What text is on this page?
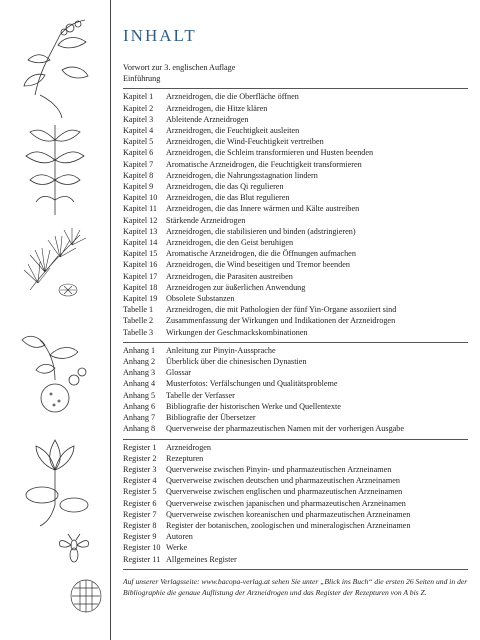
INHALT
Vorwort zur 3. englischen Auflage
Einführung
Kapitel 1	Arzneidrogen, die die Oberfläche öffnen
Kapitel 2	Arzneidrogen, die Hitze klären
Kapitel 3	Ableitende Arzneidrogen
Kapitel 4	Arzneidrogen, die Feuchtigkeit ausleiten
Kapitel 5	Arzneidrogen, die Wind-Feuchtigkeit vertreiben
Kapitel 6	Arzneidrogen, die Schleim transformieren und Husten beenden
Kapitel 7	Aromatische Arzneidrogen, die Feuchtigkeit transformieren
Kapitel 8	Arzneidrogen, die Nahrungsstagnation lindern
Kapitel 9	Arzneidrogen, die das Qi regulieren
Kapitel 10	Arzneidrogen, die das Blut regulieren
Kapitel 11	Arzneidrogen, die das Innere wärmen und Kälte austreiben
Kapitel 12	Stärkende Arzneidrogen
Kapitel 13	Arzneidrogen, die stabilisieren und binden (adstringieren)
Kapitel 14	Arzneidrogen, die den Geist beruhigen
Kapitel 15	Aromatische Arzneidrogen, die die Öffnungen aufmachen
Kapitel 16	Arzneidrogen, die Wind beseitigen und Tremor beenden
Kapitel 17	Arzneidrogen, die Parasiten austreiben
Kapitel 18	Arzneidrogen zur äußerlichen Anwendung
Kapitel 19	Obsolete Substanzen
Tabelle 1	Arzneidrogen, die mit Pathologien der fünf Yin-Organe assoziiert sind
Tabelle 2	Zusammenfassung der Wirkungen und Indikationen der Arzneidrogen
Tabelle 3	Wirkungen der Geschmackskombinationen
Anhang 1	Anleitung zur Pinyin-Aussprache
Anhang 2	Überblick über die chinesischen Dynastien
Anhang 3	Glossar
Anhang 4	Musterfotos: Verfälschungen und Qualitätsprobleme
Anhang 5	Tabelle der Verfasser
Anhang 6	Bibliografie der historischen Werke und Quellentexte
Anhang 7	Bibliografie der Übersetzer
Anhang 8	Querverweise der pharmazeutischen Namen mit der vorherigen Ausgabe
Register 1	Arzneidrogen
Register 2	Rezepturen
Register 3	Querverweise zwischen Pinyin- und pharmazeutischen Arzneinamen
Register 4	Querverweise zwischen deutschen und pharmazeutischen Arzneinamen
Register 5	Querverweise zwischen englischen und pharmazeutischen Arzneinamen
Register 6	Querverweise zwischen japanischen und pharmazeutischen Arzneinamen
Register 7	Querverweise zwischen koreanischen und pharmazeutischen Arzneinamen
Register 8	Register der botanischen, zoologischen und mineralogischen Arzneinamen
Register 9	Autoren
Register 10 Werke
Register 11 Allgemeines Register
Auf unserer Verlagsseite: www.bacopa-verlag.at sehen Sie unter „Blick ins Buch“ die ersten 26 Seiten und in der Bibliographie die genaue Auflistung der Arzneidrogen und das Register der Rezepturen von A bis Z.
